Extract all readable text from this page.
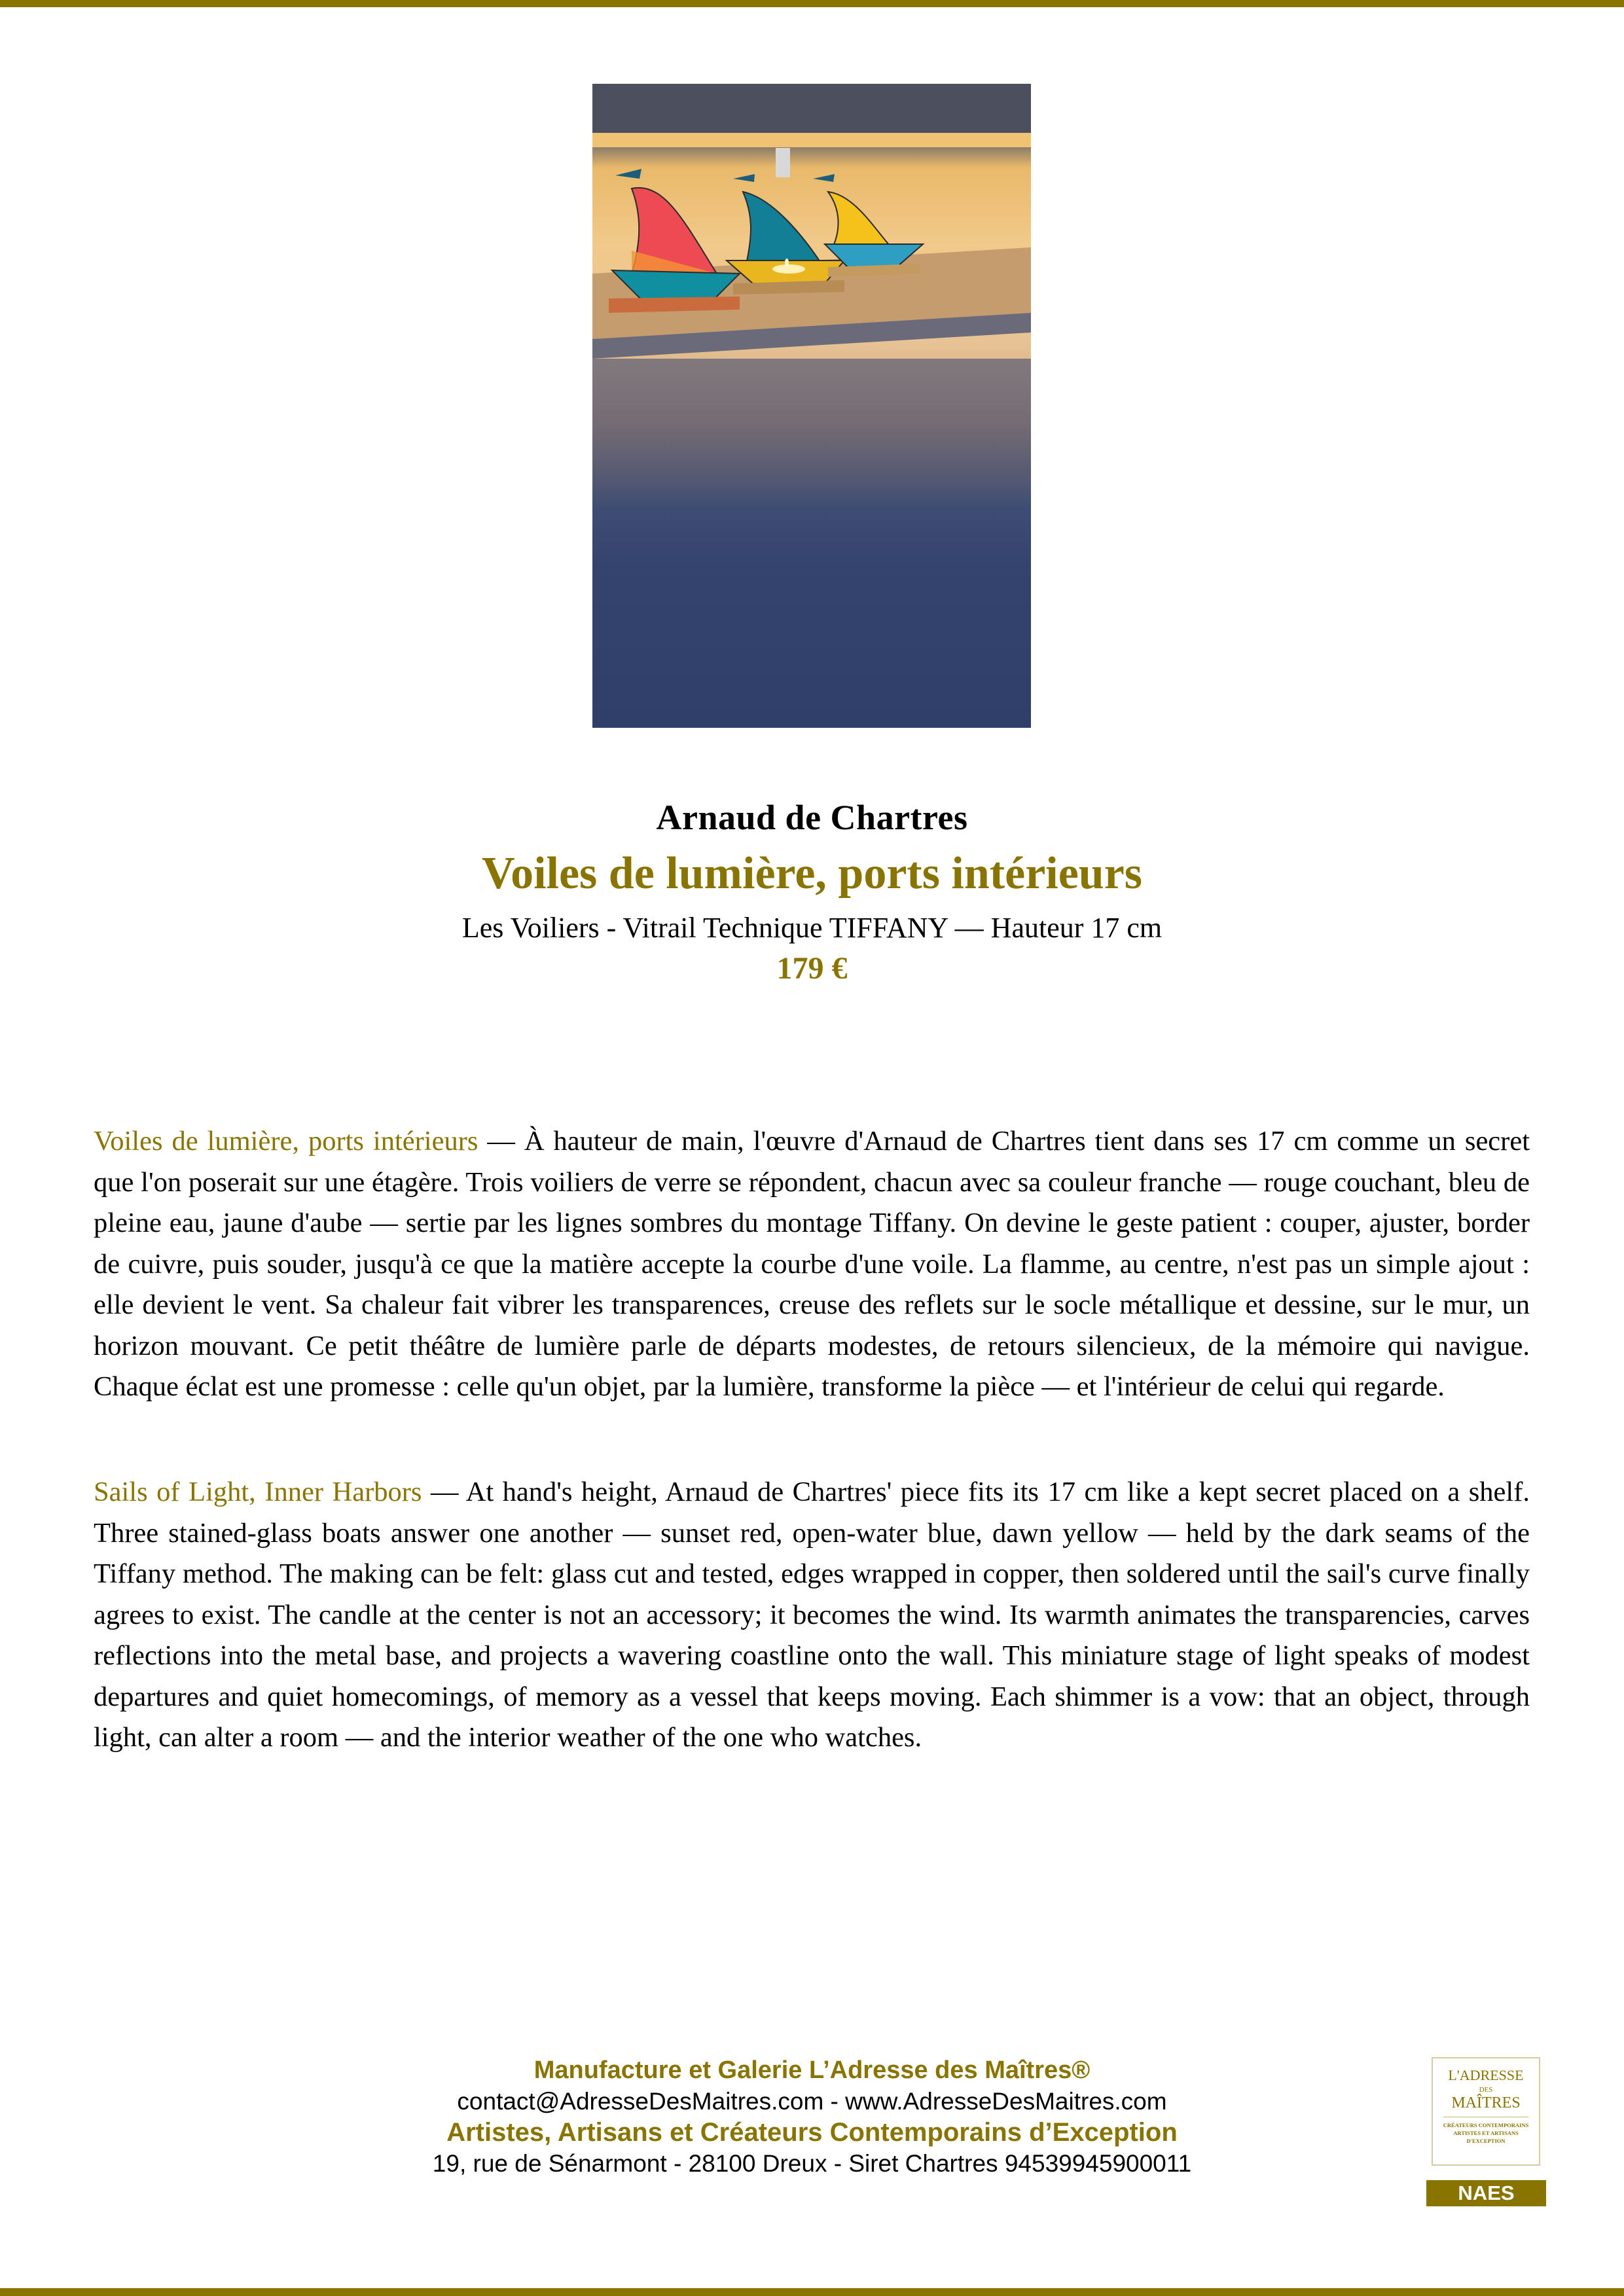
Arnaud de Chartres
Voiles de lumière, ports intérieurs
Les Voiliers - Vitrail Technique TIFFANY — Hauteur 17 cm
179 €
Voiles de lumière, ports intérieurs — À hauteur de main, l'œuvre d'Arnaud de Chartres tient dans ses 17 cm comme un secret que l'on poserait sur une étagère. Trois voiliers de verre se répondent, chacun avec sa couleur franche — rouge couchant, bleu de pleine eau, jaune d'aube — sertie par les lignes sombres du montage Tiffany. On devine le geste patient : couper, ajuster, border de cuivre, puis souder, jusqu'à ce que la matière accepte la courbe d'une voile. La flamme, au centre, n'est pas un simple ajout : elle devient le vent. Sa chaleur fait vibrer les transparences, creuse des reflets sur le socle métallique et dessine, sur le mur, un horizon mouvant. Ce petit théâtre de lumière parle de départs modestes, de retours silencieux, de la mémoire qui navigue. Chaque éclat est une promesse : celle qu'un objet, par la lumière, transforme la pièce — et l'intérieur de celui qui regarde.
Sails of Light, Inner Harbors — At hand's height, Arnaud de Chartres' piece fits its 17 cm like a kept secret placed on a shelf. Three stained-glass boats answer one another — sunset red, open-water blue, dawn yellow — held by the dark seams of the Tiffany method. The making can be felt: glass cut and tested, edges wrapped in copper, then soldered until the sail's curve finally agrees to exist. The candle at the center is not an accessory; it becomes the wind. Its warmth animates the transparencies, carves reflections into the metal base, and projects a wavering coastline onto the wall. This miniature stage of light speaks of modest departures and quiet homecomings, of memory as a vessel that keeps moving. Each shimmer is a vow: that an object, through light, can alter a room — and the interior weather of the one who watches.
Manufacture et Galerie L’Adresse des Maîtres®
contact@AdresseDesMaitres.com - www.AdresseDesMaitres.com
Artistes, Artisans et Créateurs Contemporains d’Exception
19, rue de Sénarmont - 28100 Dreux - Siret Chartres 94539945900011
L'ADRESSE
DES
MAÎTRES
CRÉATEURS CONTEMPORAINS
ARTISTES ET ARTISANS
D'EXCEPTION
NAES
